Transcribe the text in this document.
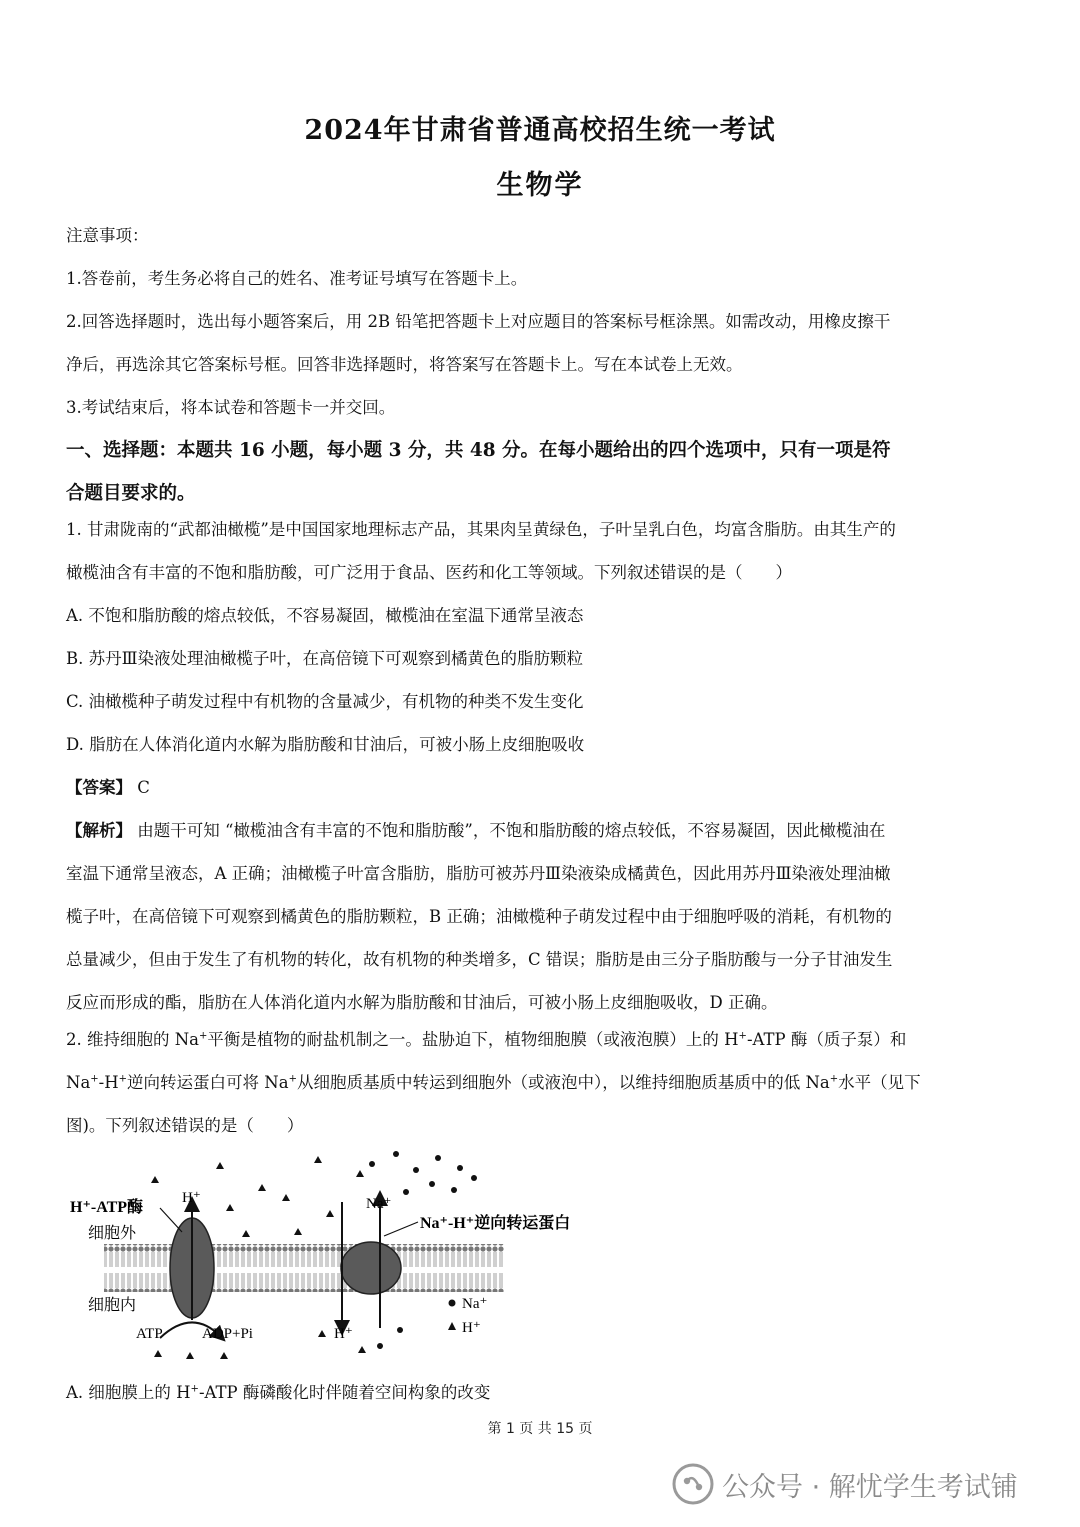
2024年甘肃省普通高校招生统一考试
生物学
注意事项：
1.答卷前，考生务必将自己的姓名、准考证号填写在答题卡上。
2.回答选择题时，选出每小题答案后，用 2B 铅笔把答题卡上对应题目的答案标号框涂黑。如需改动，用橡皮擦干
净后，再选涂其它答案标号框。回答非选择题时，将答案写在答题卡上。写在本试卷上无效。
3.考试结束后，将本试卷和答题卡一并交回。
一、选择题：本题共 16 小题，每小题 3 分，共 48 分。在每小题给出的四个选项中，只有一项是符
合题目要求的。
1. 甘肃陇南的“武都油橄榄”是中国国家地理标志产品，其果肉呈黄绿色，子叶呈乳白色，均富含脂肪。由其生产的
橄榄油含有丰富的不饱和脂肪酸，可广泛用于食品、医药和化工等领域。下列叙述错误的是（　　）
A. 不饱和脂肪酸的熔点较低，不容易凝固，橄榄油在室温下通常呈液态
B. 苏丹Ⅲ染液处理油橄榄子叶，在高倍镜下可观察到橘黄色的脂肪颗粒
C. 油橄榄种子萌发过程中有机物的含量减少，有机物的种类不发生变化
D. 脂肪在人体消化道内水解为脂肪酸和甘油后，可被小肠上皮细胞吸收
【答案】 C
【解析】 由题干可知 “橄榄油含有丰富的不饱和脂肪酸”，不饱和脂肪酸的熔点较低，不容易凝固，因此橄榄油在
室温下通常呈液态，A 正确；油橄榄子叶富含脂肪，脂肪可被苏丹Ⅲ染液染成橘黄色，因此用苏丹Ⅲ染液处理油橄
榄子叶，在高倍镜下可观察到橘黄色的脂肪颗粒，B 正确；油橄榄种子萌发过程中由于细胞呼吸的消耗，有机物的
总量减少，但由于发生了有机物的转化，故有机物的种类增多，C 错误；脂肪是由三分子脂肪酸与一分子甘油发生
反应而形成的酯，脂肪在人体消化道内水解为脂肪酸和甘油后，可被小肠上皮细胞吸收，D 正确。
2. 维持细胞的 Na+平衡是植物的耐盐机制之一。盐胁迫下，植物细胞膜（或液泡膜）上的 H+-ATP 酶（质子泵）和
Na+-H+逆向转运蛋白可将 Na+从细胞质基质中转运到细胞外（或液泡中），以维持细胞质基质中的低 Na+水平（见下
图)。下列叙述错误的是（　　）
H⁺-ATP酶
细胞外
细胞内
H⁺	Na⁺
Na⁺-H⁺逆向转运蛋白
ATP	ADP+Pi	H⁺
Na⁺
H⁺
A. 细胞膜上的 H+-ATP 酶磷酸化时伴随着空间构象的改变
第 1 页 共 15 页
公众号 · 解忧学生考试铺
